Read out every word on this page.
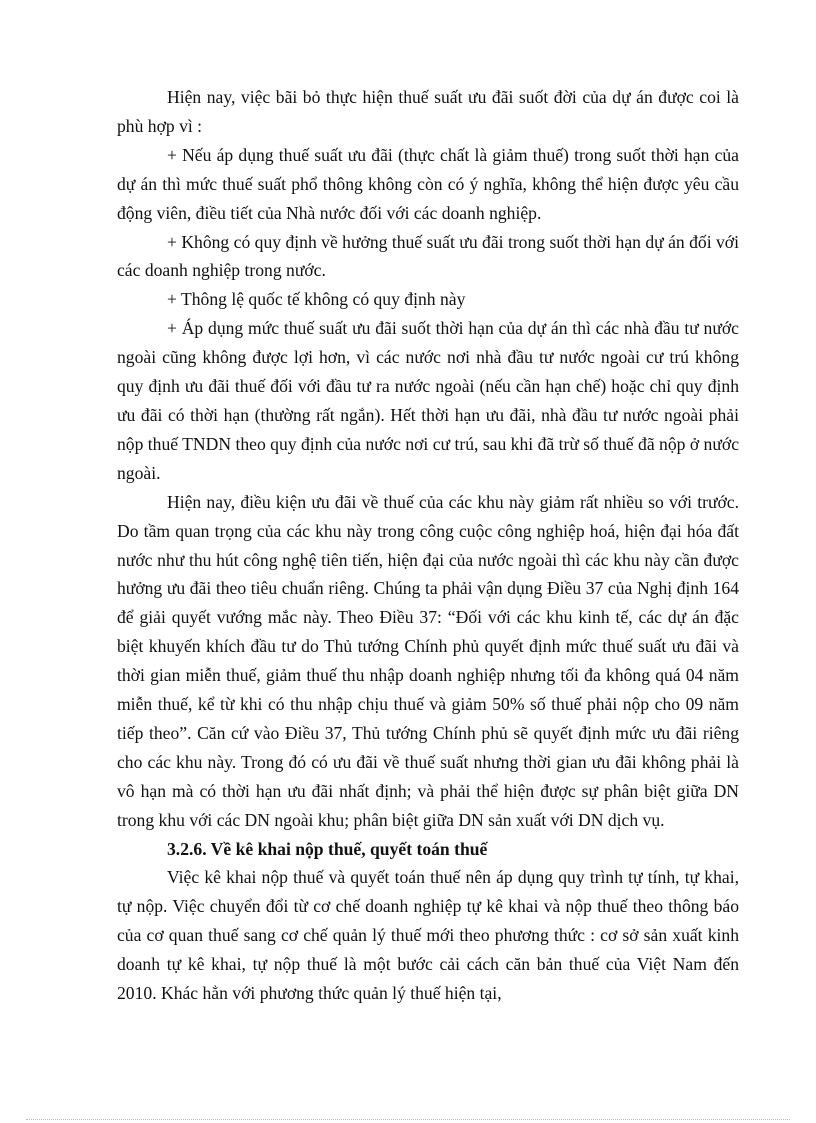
Hiện nay, việc bãi bỏ thực hiện thuế suất ưu đãi suốt đời của dự án được coi là phù hợp vì :

+ Nếu áp dụng thuế suất ưu đãi (thực chất là giảm thuế) trong suốt thời hạn của dự án thì mức thuế suất phổ thông không còn có ý nghĩa, không thể hiện được yêu cầu động viên, điều tiết của Nhà nước đối với các doanh nghiệp.

+ Không có quy định về hưởng thuế suất ưu đãi trong suốt thời hạn dự án đối với các doanh nghiệp trong nước.

+ Thông lệ quốc tế không có quy định này

+ Áp dụng mức thuế suất ưu đãi suốt thời hạn của dự án thì các nhà đầu tư nước ngoài cũng không được lợi hơn, vì các nước nơi nhà đầu tư nước ngoài cư trú không quy định ưu đãi thuế đối với đầu tư ra nước ngoài (nếu cần hạn chế) hoặc chỉ quy định ưu đãi có thời hạn (thường rất ngắn). Hết thời hạn ưu đãi, nhà đầu tư nước ngoài phải nộp thuế TNDN theo quy định của nước nơi cư trú, sau khi đã trừ số thuế đã nộp ở nước ngoài.

Hiện nay, điều kiện ưu đãi về thuế của các khu này giảm rất nhiều so với trước. Do tầm quan trọng của các khu này trong công cuộc công nghiệp hoá, hiện đại hóa đất nước như thu hút công nghệ tiên tiến, hiện đại của nước ngoài thì các khu này cần được hưởng ưu đãi theo tiêu chuẩn riêng. Chúng ta phải vận dụng Điều 37 của Nghị định 164 để giải quyết vướng mắc này. Theo Điều 37: “Đối với các khu kinh tế, các dự án đặc biệt khuyến khích đầu tư do Thủ tướng Chính phủ quyết định mức thuế suất ưu đãi và thời gian miễn thuế, giảm thuế thu nhập doanh nghiệp nhưng tối đa không quá 04 năm miễn thuế, kể từ khi có thu nhập chịu thuế và giảm 50% số thuế phải nộp cho 09 năm tiếp theo”. Căn cứ vào Điều 37, Thủ tướng Chính phủ sẽ quyết định mức ưu đãi riêng cho các khu này. Trong đó có ưu đãi về thuế suất nhưng thời gian ưu đãi không phải là vô hạn mà có thời hạn ưu đãi nhất định; và phải thể hiện được sự phân biệt giữa DN trong khu với các DN ngoài khu; phân biệt giữa DN sản xuất với DN dịch vụ.

3.2.6. Về kê khai nộp thuế, quyết toán thuế

Việc kê khai nộp thuế và quyết toán thuế nên áp dụng quy trình tự tính, tự khai, tự nộp. Việc chuyển đổi từ cơ chế doanh nghiệp tự kê khai và nộp thuế theo thông báo của cơ quan thuế sang cơ chế quản lý thuế mới theo phương thức : cơ sở sản xuất kinh doanh tự kê khai, tự nộp thuế là một bước cải cách căn bản thuế của Việt Nam đến 2010. Khác hẳn với phương thức quản lý thuế hiện tại,
